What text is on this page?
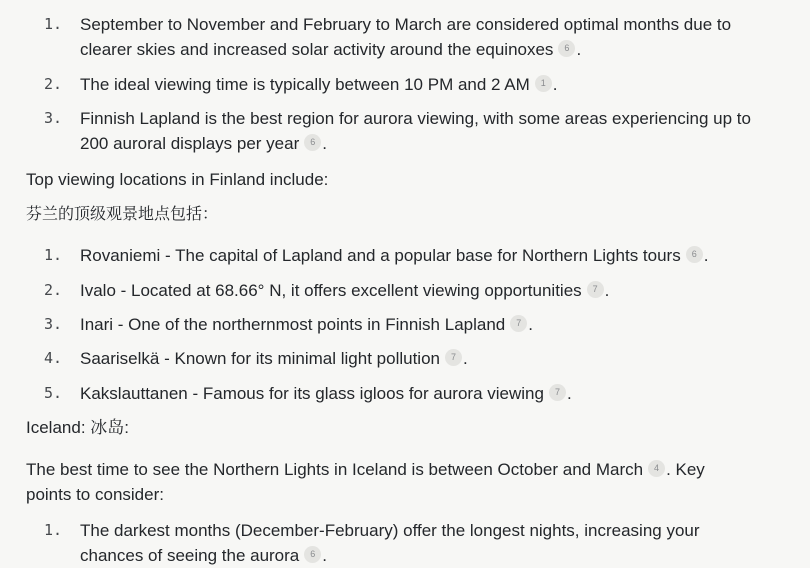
1. September to November and February to March are considered optimal months due to clearer skies and increased solar activity around the equinoxes 6 .
2. The ideal viewing time is typically between 10 PM and 2 AM 1 .
3. Finnish Lapland is the best region for aurora viewing, with some areas experiencing up to 200 auroral displays per year 6 .
Top viewing locations in Finland include:
芬兰的顶级观景地点包括：
1. Rovaniemi - The capital of Lapland and a popular base for Northern Lights tours 6 .
2. Ivalo - Located at 68.66° N, it offers excellent viewing opportunities 7 .
3. Inari - One of the northernmost points in Finnish Lapland 7 .
4. Saariselkä - Known for its minimal light pollution 7 .
5. Kakslauttanen - Famous for its glass igloos for aurora viewing 7 .
Iceland: 冰岛:
The best time to see the Northern Lights in Iceland is between October and March 4 . Key points to consider:
1. The darkest months (December-February) offer the longest nights, increasing your chances of seeing the aurora 6 .
